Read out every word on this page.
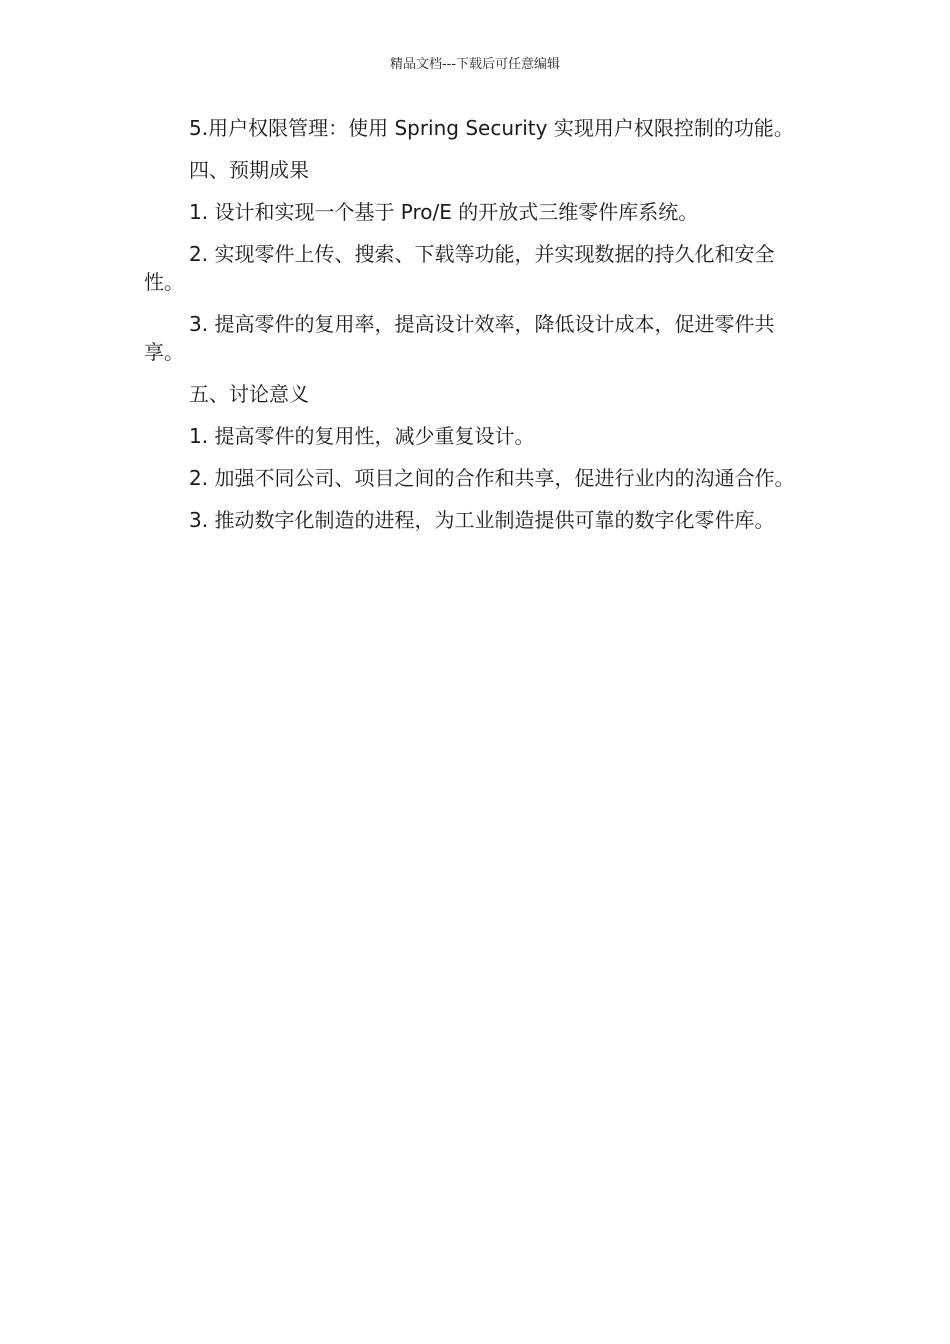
精品文档---下载后可任意编辑

5.用户权限管理：使用 Spring Security 实现用户权限控制的功能。

四、预期成果

1. 设计和实现一个基于 Pro/E 的开放式三维零件库系统。

2. 实现零件上传、搜索、下载等功能，并实现数据的持久化和安全性。

3. 提高零件的复用率，提高设计效率，降低设计成本，促进零件共享。

五、讨论意义

1. 提高零件的复用性，减少重复设计。

2. 加强不同公司、项目之间的合作和共享，促进行业内的沟通合作。

3. 推动数字化制造的进程，为工业制造提供可靠的数字化零件库。
